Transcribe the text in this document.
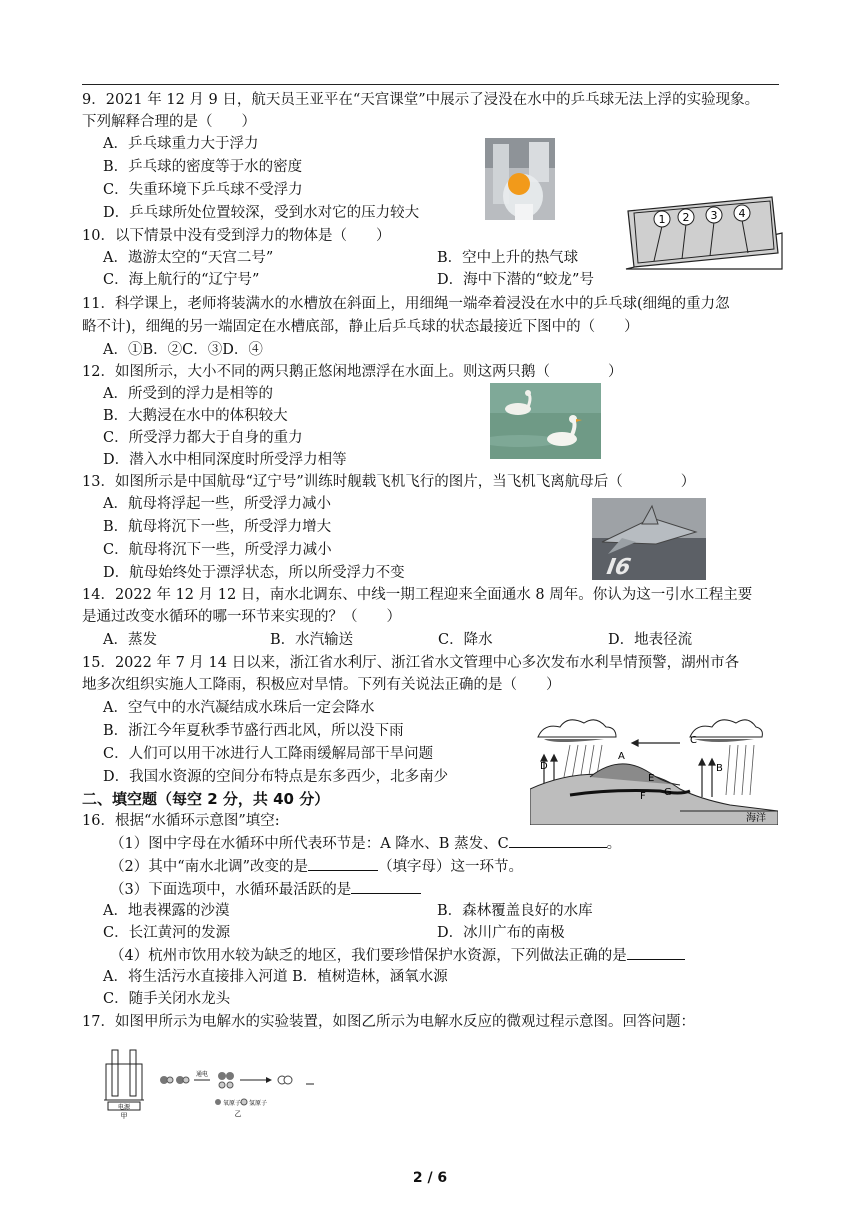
9．2021 年 12 月 9 日，航天员王亚平在“天宫课堂”中展示了浸没在水中的乒乓球无法上浮的实验现象。
下列解释合理的是（　　）
A．乒乓球重力大于浮力
B．乒乓球的密度等于水的密度
C．失重环境下乒乓球不受浮力
D．乒乓球所处位置较深，受到水对它的压力较大	1 2 3 4
10．以下情景中没有受到浮力的物体是（　　）
A．遨游太空的“天宫二号”	B．空中上升的热气球
C．海上航行的“辽宁号”	D．海中下潜的“蛟龙”号
11．科学课上，老师将装满水的水槽放在斜面上，用细绳一端牵着浸没在水中的乒乓球(细绳的重力忽
略不计)，细绳的另一端固定在水槽底部，静止后乒乓球的状态最接近下图中的（　　）
A．①B．②C．③D．④
12．如图所示，大小不同的两只鹅正悠闲地漂浮在水面上。则这两只鹅（　　　　）
A．所受到的浮力是相等的
B．大鹅浸在水中的体积较大
C．所受浮力都大于自身的重力
D．潜入水中相同深度时所受浮力相等
13．如图所示是中国航母“辽宁号”训练时舰载飞机飞行的图片，当飞机飞离航母后（　　　　）
A．航母将浮起一些，所受浮力减小
B．航母将沉下一些，所受浮力增大
C．航母将沉下一些，所受浮力减小
D．航母始终处于漂浮状态，所以所受浮力不变	I6
14．2022 年 12 月 12 日，南水北调东、中线一期工程迎来全面通水 8 周年。你认为这一引水工程主要
是通过改变水循环的哪一环节来实现的？（　　）
A．蒸发	B．水汽输送	C．降水	D．地表径流
15．2022 年 7 月 14 日以来，浙江省水利厅、浙江省水文管理中心多次发布水利旱情预警，湖州市各
地多次组织实施人工降雨，积极应对旱情。下列有关说法正确的是（　　）
A．空气中的水汽凝结成水珠后一定会降水
B．浙江今年夏秋季节盛行西北风，所以没下雨
C．人们可以用干冰进行人工降雨缓解局部干旱问题
D．我国水资源的空间分布特点是东多西少，北多南少
C
D
A
B
E
F G
海洋
二、填空题（每空 2 分，共 40 分）
16．根据“水循环示意图”填空:
（1）图中字母在水循环中所代表环节是：A 降水、B 蒸发、C	。
（2）其中“南水北调”改变的是	（填字母）这一环节。
（3）下面选项中，水循环最活跃的是
A．地表裸露的沙漠	B．森林覆盖良好的水库
C．长江黄河的发源	D．冰川广布的南极
（4）杭州市饮用水较为缺乏的地区，我们要珍惜保护水资源，下列做法正确的是
A．将生活污水直接排入河道 B．植树造林，涵氧水源
C．随手关闭水龙头
17．如图甲所示为电解水的实验装置，如图乙所示为电解水反应的微观过程示意图。回答问题：
电源
甲
通电
氧原子 氢原子
乙
2 / 6
